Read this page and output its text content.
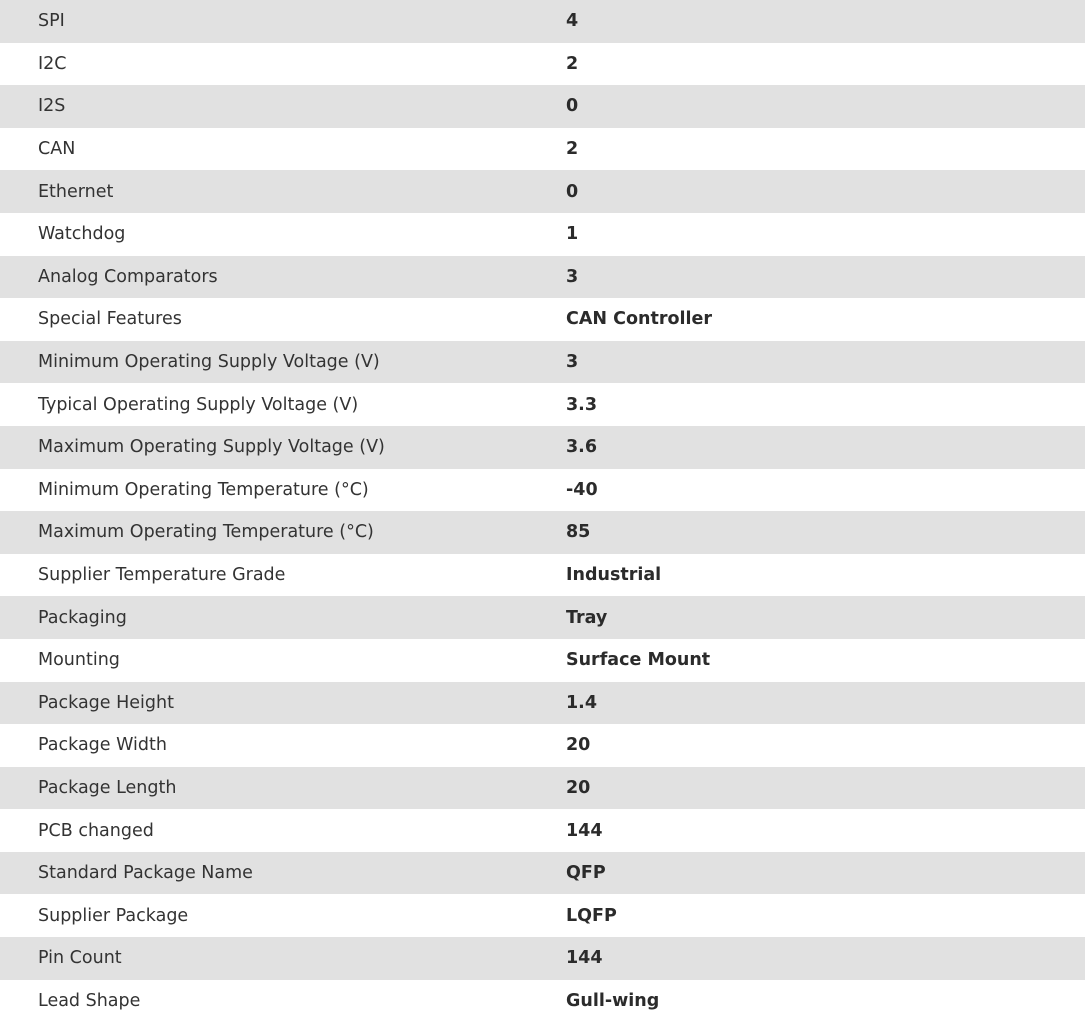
SPI	4
I2C	2
I2S	0
CAN	2
Ethernet	0
Watchdog	1
Analog Comparators	3
Special Features	CAN Controller
Minimum Operating Supply Voltage (V)	3
Typical Operating Supply Voltage (V)	3.3
Maximum Operating Supply Voltage (V)	3.6
Minimum Operating Temperature (°C)	-40
Maximum Operating Temperature (°C)	85
Supplier Temperature Grade	Industrial
Packaging	Tray
Mounting	Surface Mount
Package Height	1.4
Package Width	20
Package Length	20
PCB changed	144
Standard Package Name	QFP
Supplier Package	LQFP
Pin Count	144
Lead Shape	Gull-wing
